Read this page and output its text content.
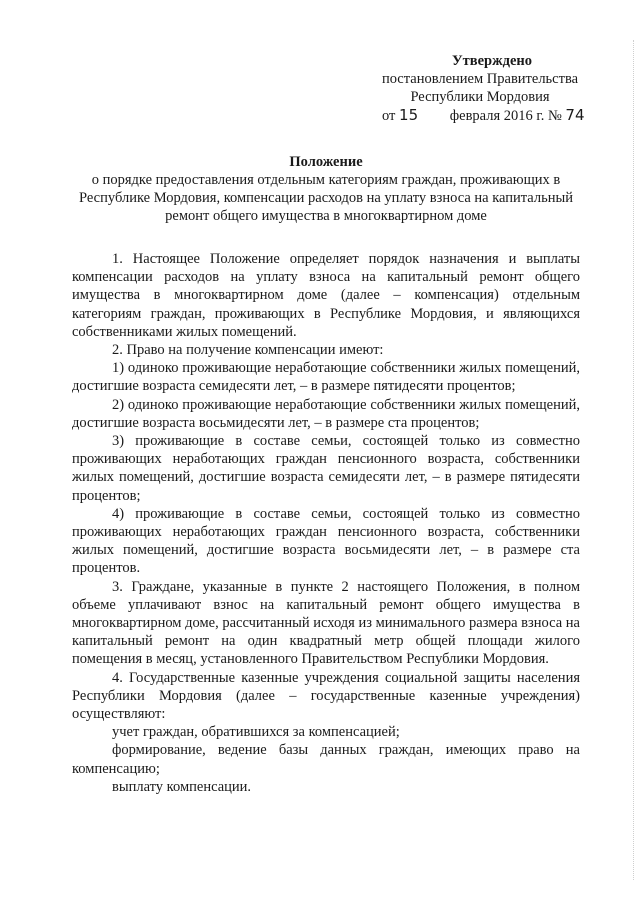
Утверждено
постановлением Правительства
Республики Мордовия
от 15 февраля 2016 г. № 74
Положение
о порядке предоставления отдельным категориям граждан, проживающих в Республике Мордовия, компенсации расходов на уплату взноса на капитальный ремонт общего имущества в многоквартирном доме

1. Настоящее Положение определяет порядок назначения и выплаты компенсации расходов на уплату взноса на капитальный ремонт общего имущества в многоквартирном доме (далее – компенсация) отдельным категориям граждан, проживающих в Республике Мордовия, и являющихся собственниками жилых помещений.

2. Право на получение компенсации имеют:

1) одиноко проживающие неработающие собственники жилых помещений, достигшие возраста семидесяти лет, – в размере пятидесяти процентов;

2) одиноко проживающие неработающие собственники жилых помещений, достигшие возраста восьмидесяти лет, – в размере ста процентов;

3) проживающие в составе семьи, состоящей только из совместно проживающих неработающих граждан пенсионного возраста, собственники жилых помещений, достигшие возраста семидесяти лет, – в размере пятидесяти процентов;

4) проживающие в составе семьи, состоящей только из совместно проживающих неработающих граждан пенсионного возраста, собственники жилых помещений, достигшие возраста восьмидесяти лет, – в размере ста процентов.

3. Граждане, указанные в пункте 2 настоящего Положения, в полном объеме уплачивают взнос на капитальный ремонт общего имущества в многоквартирном доме, рассчитанный исходя из минимального размера взноса на капитальный ремонт на один квадратный метр общей площади жилого помещения в месяц, установленного Правительством Республики Мордовия.

4. Государственные казенные учреждения социальной защиты населения Республики Мордовия (далее – государственные казенные учреждения) осуществляют:

учет граждан, обратившихся за компенсацией;

формирование, ведение базы данных граждан, имеющих право на компенсацию;

выплату компенсации.
